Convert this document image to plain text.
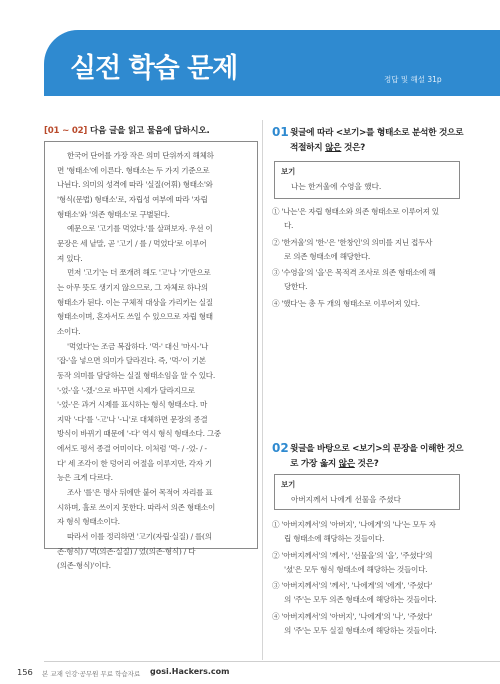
실전 학습 문제	정답 및 해설 31p
[01 ~ 02] 다음 글을 읽고 물음에 답하시오.
한국어 단어를 가장 작은 의미 단위까지 해체하
면 '형태소'에 이른다. 형태소는 두 가지 기준으로
나뉜다. 의미의 성격에 따라 '실질(어휘) 형태소'와
'형식(문법) 형태소'로, 자립성 여부에 따라 '자립
형태소'와 '의존 형태소'로 구별된다.
예문으로 '고기를 먹었다.'를 살펴보자. 우선 이
문장은 세 낱말, 곧 '고기 / 를 / 먹었다'로 이루어
져 있다.
먼저 '고기'는 더 쪼개려 해도 '고'나 '기'만으로
는 아무 뜻도 생기지 않으므로, 그 자체로 하나의
형태소가 된다. 이는 구체적 대상을 가리키는 실질
형태소이며, 혼자서도 쓰일 수 있으므로 자립 형태
소이다.
'먹었다'는 조금 복잡하다. '먹-' 대신 '마시-'나
'잡-'을 넣으면 의미가 달라진다. 즉, '먹-'이 기본
동작 의미를 담당하는 실질 형태소임을 알 수 있다.
'-었-'을 '-겠-'으로 바꾸면 시제가 달라지므로
'-었-'은 과거 시제를 표시하는 형식 형태소다. 마
지막 '-다'를 '-고'나 '-니'로 대체하면 문장의 종결
방식이 바뀌기 때문에 '-다' 역시 형식 형태소다. 그중
에서도 평서 종결 어미이다. 이처럼 '먹- / -었- / -
다' 세 조각이 한 덩어리 어절을 이루지만, 각자 기
능은 크게 다르다.
조사 '를'은 명사 뒤에만 붙어 목적어 자리를 표
시하며, 홀로 쓰이지 못한다. 따라서 의존 형태소이
자 형식 형태소이다.
따라서 이를 정리하면 '고기(자립·실질) / 를(의
존·형식) / 먹(의존·실질) / 었(의존·형식) / 다
(의존·형식)'이다.
01 윗글에 따라 <보기>를 형태소로 분석한 것으로
적절하지 않은 것은?
보기
나는 한겨울에 수영을 했다.
① '나는'은 자립 형태소와 의존 형태소로 이루어져 있
다.
② '한겨울'의 '한-'은 '한창인'의 의미를 지닌 접두사
로 의존 형태소에 해당한다.
③ '수영을'의 '을'은 목적격 조사로 의존 형태소에 해
당한다.
④ '했다'는 총 두 개의 형태소로 이루어져 있다.
02 윗글을 바탕으로 <보기>의 문장을 이해한 것으
로 가장 옳지 않은 것은?
보기
아버지께서 나에게 선물을 주셨다
① '아버지께서'의 '아버지', '나에게'의 '나'는 모두 자
립 형태소에 해당하는 것들이다.
② '아버지께서'의 '께서', '선물을'의 '을', '주셨다'의
'셨'은 모두 형식 형태소에 해당하는 것들이다.
③ '아버지께서'의 '께서', '나에게'의 '에게', '주셨다'
의 '주'는 모두 의존 형태소에 해당하는 것들이다.
④ '아버지께서'의 '아버지', '나에게'의 '나', '주셨다'
의 '주'는 모두 실질 형태소에 해당하는 것들이다.
156 본 교재 인강·공무원 무료 학습자료 gosi.Hackers.com
